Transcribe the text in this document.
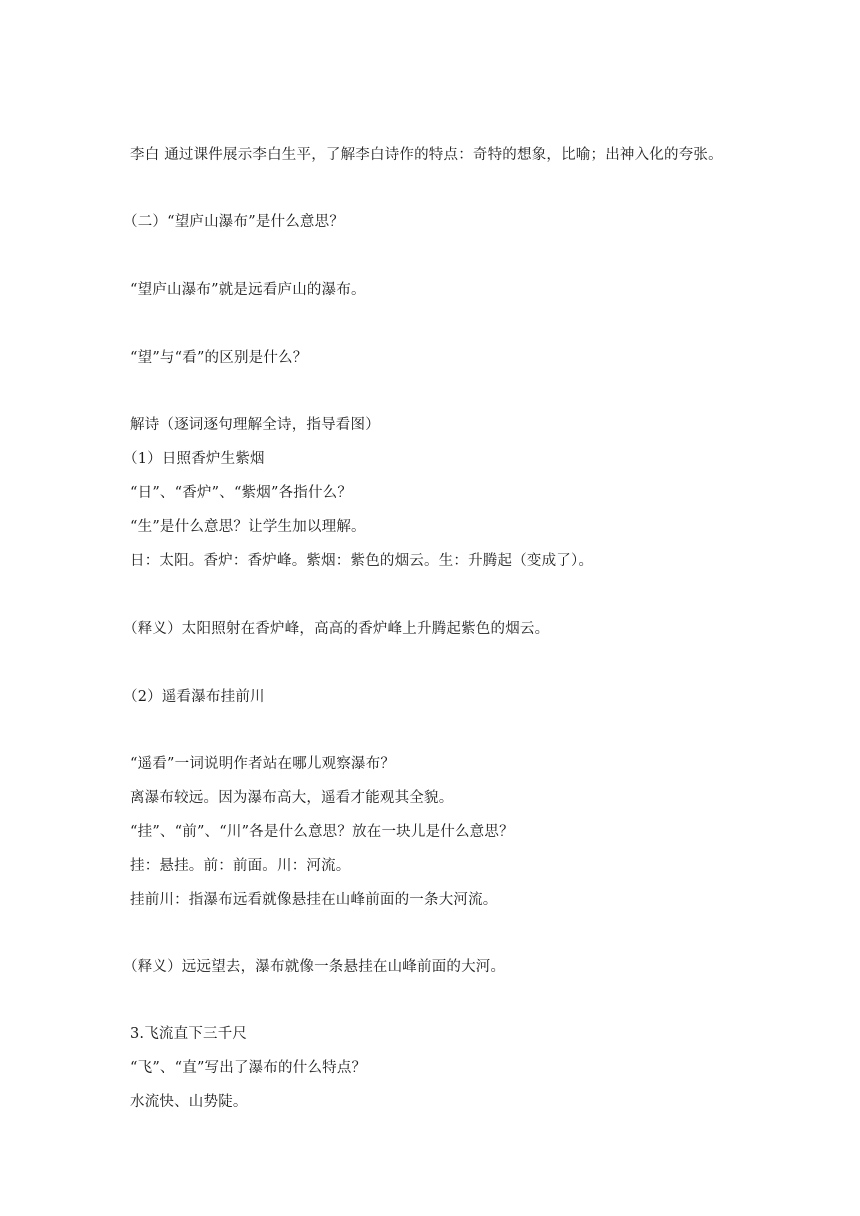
李白 通过课件展示李白生平，了解李白诗作的特点：奇特的想象，比喻；出神入化的夸张。
（二）“望庐山瀑布”是什么意思？
“望庐山瀑布”就是远看庐山的瀑布。
“望”与“看”的区别是什么？
解诗（逐词逐句理解全诗，指导看图）
（1）日照香炉生紫烟
“日”、“香炉”、“紫烟”各指什么？
“生”是什么意思？让学生加以理解。
日：太阳。香炉：香炉峰。紫烟：紫色的烟云。生：升腾起（变成了）。
（释义）太阳照射在香炉峰，高高的香炉峰上升腾起紫色的烟云。
（2）遥看瀑布挂前川
“遥看”一词说明作者站在哪儿观察瀑布？
离瀑布较远。因为瀑布高大，遥看才能观其全貌。
“挂”、“前”、“川”各是什么意思？放在一块儿是什么意思？
挂：悬挂。前：前面。川：河流。
挂前川：指瀑布远看就像悬挂在山峰前面的一条大河流。
（释义）远远望去，瀑布就像一条悬挂在山峰前面的大河。
3.飞流直下三千尺
“飞”、“直”写出了瀑布的什么特点？
水流快、山势陡。
